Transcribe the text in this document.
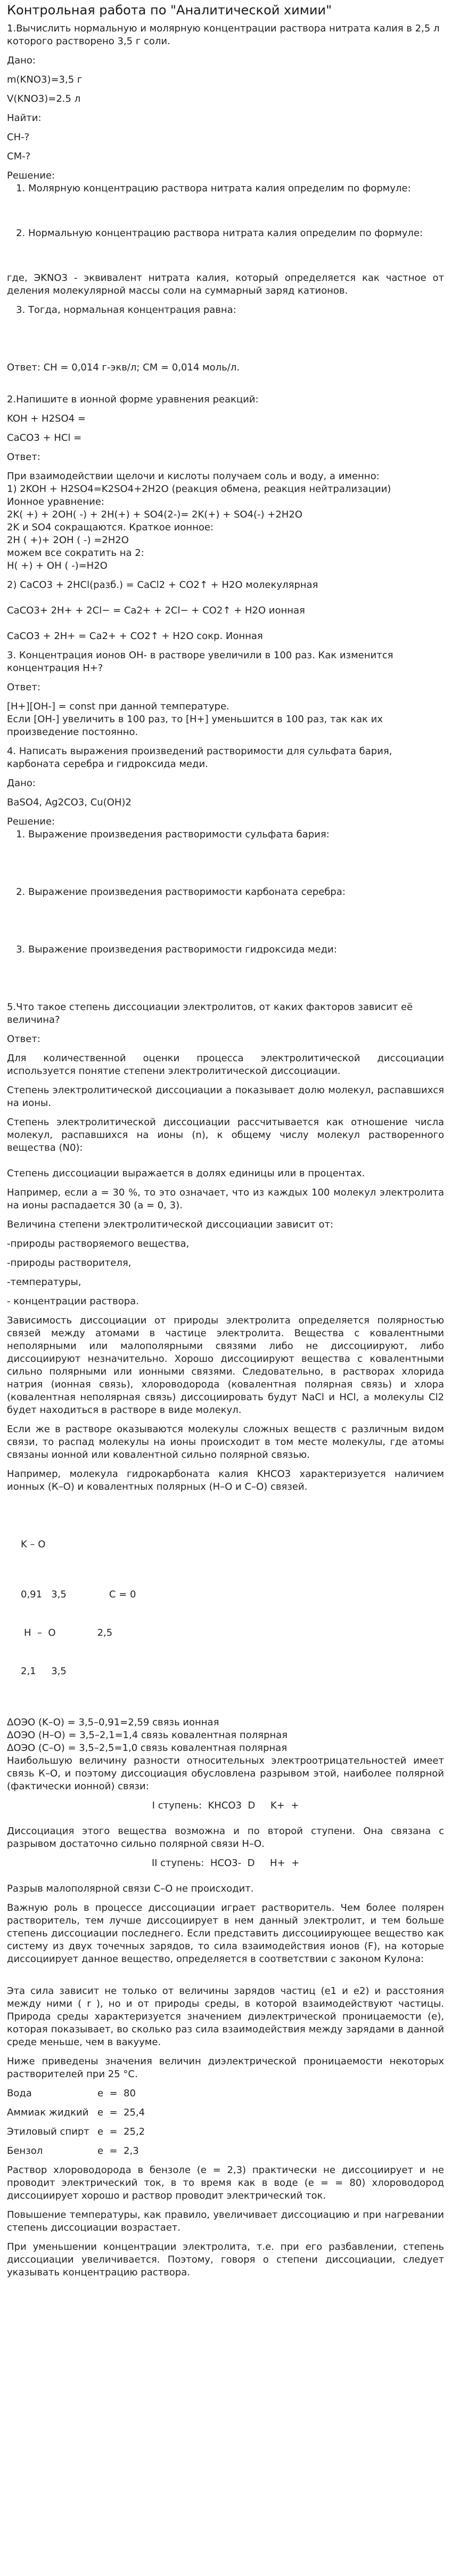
Контрольная работа по "Аналитической химии"

1.Вычислить нормальную и молярную концентрации раствора нитрата калия в 2,5 л которого растворено 3,5 г соли.

Дано:

m(KNO3)=3,5 г

V(KNO3)=2.5 л

Найти:

CН-?

CМ-?

Решение:

1. Молярную концентрацию раствора нитрата калия определим по формуле:
2. Нормальную концентрацию раствора нитрата калия определим по формуле:

где, ЭKNO3 - эквивалент нитрата калия, который определяется как частное от деления молекулярной массы соли на суммарный заряд катионов.

3. Тогда, нормальная концентрация равна:

Ответ: CН = 0,014 г-экв/л; CМ = 0,014 моль/л.

2.Напишите в ионной форме уравнения реакций:

KOH + H2SO4 =

CaCO3 + HCl =

Ответ:

При взаимодействии щелочи и кислоты получаем соль и воду, а именно:

1) 2KOH + H2SO4=K2SO4+2H2O (реакция обмена, реакция нейтрализации)

Ионное уравнение:

2K( +) + 2OH( -) + 2H(+) + SO4(2-)= 2K(+) + SO4(-) +2H2O

2K и SO4 сокращаются. Краткое ионное:

2H ( +)+ 2OH ( -) =2H2O

можем все сократить на 2:

H( +) + OH ( -)=H2O

2) CaCO3 + 2HCl(разб.) = CaCl2 + CO2↑ + H2O молекулярная

CaCO3+ 2H+ + 2Cl− = Ca2+ + 2Cl− + CO2↑ + H2O ионная

CaCO3 + 2H+ = Ca2+ + CO2↑ + H2O сокр. Ионная

3. Концентрация ионов ОН- в растворе увеличили в 100 раз. Как изменится концентрация Н+?

Ответ:

[H+][OH-] = const при данной температуре.

Если [OH-] увеличить в 100 раз, то [H+] уменьшится в 100 раз, так как их произведение постоянно.

4. Написать выражения произведений растворимости для сульфата бария, карбоната серебра и гидроксида меди.

Дано:

BaSO4, Ag2CO3, Cu(OH)2

Решение:

1. Выражение произведения растворимости сульфата бария:
2. Выражение произведения растворимости карбоната серебра:
3. Выражение произведения растворимости гидроксида меди:

5.Что такое степень диссоциации электролитов, от каких факторов зависит её величина?

Ответ:

Для количественной оценки процесса электролитической диссоциации используется понятие степени электролитической диссоциации.

Степень электролитической диссоциации а показывает долю молекул, распавшихся на ионы.

Степень электролитической диссоциации рассчитывается как отношение числа молекул, распавшихся на ионы (n), к общему числу молекул растворенного вещества (N0):

Степень диссоциации выражается в долях единицы или в процентах.

Например, если а = 30 %, то это означает, что из каждых 100 молекул электролита на ионы распадается 30 (а = 0, 3).

Величина степени электролитической диссоциации зависит от:

-природы растворяемого вещества,

-природы растворителя,

-температуры,

- концентрации раствора.

Зависимость диссоциации от природы электролита определяется полярностью связей между атомами в частице электролита. Вещества с ковалентными неполярными или малополярными связями либо не диссоциируют, либо диссоциируют незначительно. Хорошо диссоциируют вещества с ковалентными сильно полярными или ионными связями. Следовательно, в растворах хлорида натрия (ионная связь), хлороводорода (ковалентная полярная связь) и хлора (ковалентная неполярная связь) диссоциировать будут NaCl и HCl, а молекулы Cl2 будет находиться в растворе в виде молекул.

Если же в растворе оказываются молекулы сложных веществ с различным видом связи, то распад молекулы на ионы происходит в том месте молекулы, где атомы связаны ионной или ковалентной сильно полярной связью.

Например, молекула гидрокарбоната калия KHCO3 характеризуется наличием ионных (К–О) и ковалентных полярных (Н–О и С–О) связей.

K – O

0,91   3,5	C = 0

H  –  O	2,5

2,1     3,5

ΔOЭO (K–O) = 3,5–0,91=2,59 связь ионная

ΔOЭO (H–O) = 3,5–2,1=1,4 связь ковалентная полярная

ΔOЭO (C–O) = 3,5–2,5=1,0 связь ковалентная полярная

Наибольшую величину разности относительных электроотрицательностей имеет связь К–О, и поэтому диссоциация обусловлена разрывом этой, наиболее полярной (фактически ионной) связи:

I ступень:  KHCO3  D     K+  +

Диссоциация этого вещества возможна и по второй ступени. Она связана с разрывом достаточно сильно полярной связи Н–О.

II ступень:  HCO3-  D     H+  +

Разрыв малополярной связи С–О не происходит.

Важную роль в процессе диссоциации играет растворитель. Чем более полярен растворитель, тем лучше диссоциирует в нем данный электролит, и тем больше степень диссоциации последнего. Если представить диссоциирующее вещество как систему из двух точечных зарядов, то сила взаимодействия ионов (F), на которые диссоциирует данное вещество, определяется в соответствии с законом Кулона:

Эта сила зависит не только от величины зарядов частиц (e1 и e2) и расстояния между ними ( r ), но и от природы среды, в которой взаимодействуют частицы. Природа среды характеризуется значением диэлектрической проницаемости (e), которая показывает, во сколько раз сила взаимодействия между зарядами в данной среде меньше, чем в вакууме.

Ниже приведены значения величин диэлектрической проницаемости некоторых растворителей при 25 °С.

Вода	e  =  80
Аммиак жидкий e  =  25,4
Этиловый спирт e  =  25,2
Бензол	e  =  2,3

Раствор хлороводорода в бензоле (e = 2,3) практически не диссоциирует и не проводит электрический ток, в то время как в воде (e = = 80) хлороводород диссоциирует хорошо и раствор проводит электрический ток.

Повышение температуры, как правило, увеличивает диссоциацию и при нагревании степень диссоциации возрастает.

При уменьшении концентрации электролита, т.е. при его разбавлении, степень диссоциации увеличивается. Поэтому, говоря о степени диссоциации, следует указывать концентрацию раствора.
